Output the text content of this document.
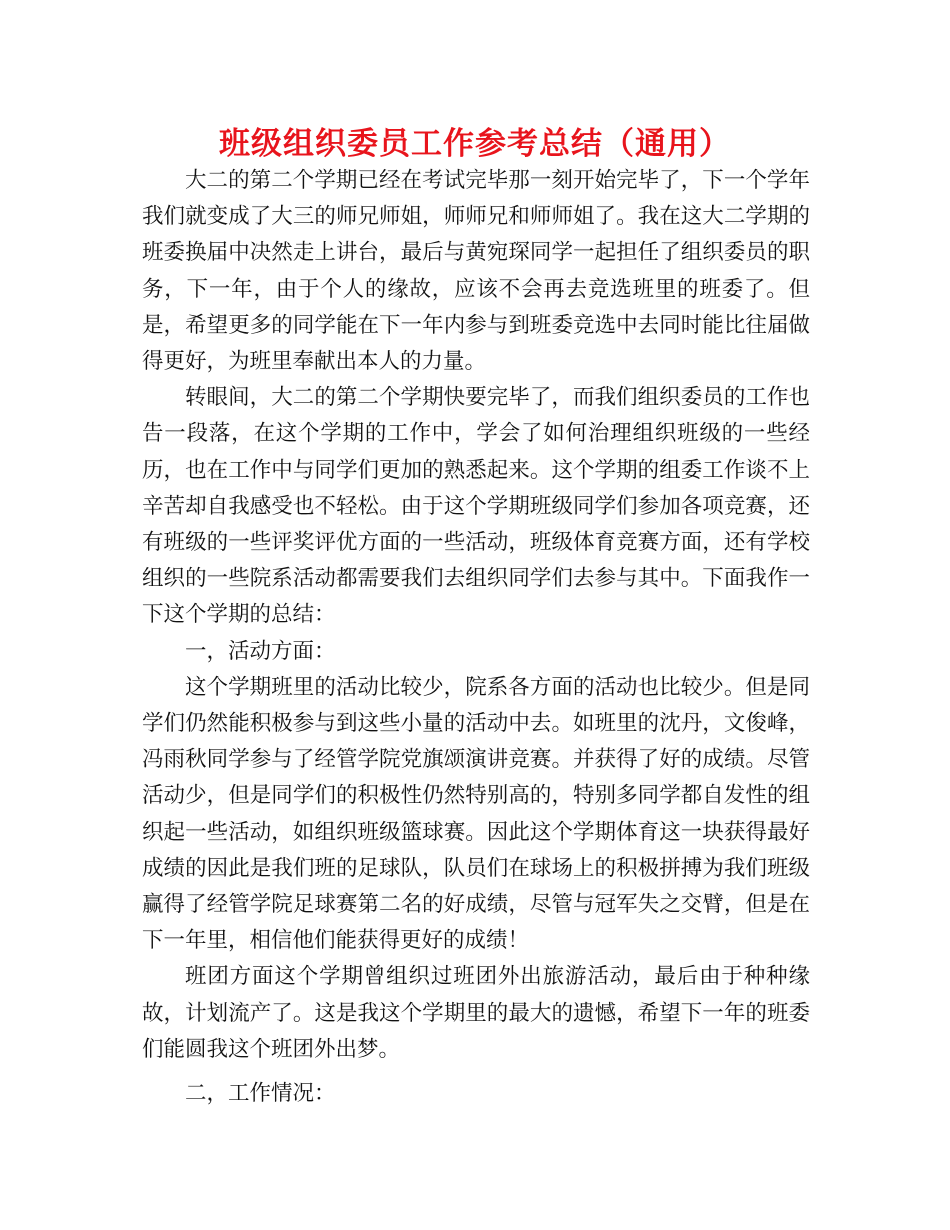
班级组织委员工作参考总结（通用）

大二的第二个学期已经在考试完毕那一刻开始完毕了，下一个学年我们就变成了大三的师兄师姐，师师兄和师师姐了。我在这大二学期的班委换届中决然走上讲台，最后与黄宛琛同学一起担任了组织委员的职务，下一年，由于个人的缘故，应该不会再去竞选班里的班委了。但是，希望更多的同学能在下一年内参与到班委竞选中去同时能比往届做得更好，为班里奉献出本人的力量。

转眼间，大二的第二个学期快要完毕了，而我们组织委员的工作也告一段落，在这个学期的工作中，学会了如何治理组织班级的一些经历，也在工作中与同学们更加的熟悉起来。这个学期的组委工作谈不上辛苦却自我感受也不轻松。由于这个学期班级同学们参加各项竞赛，还有班级的一些评奖评优方面的一些活动，班级体育竞赛方面，还有学校组织的一些院系活动都需要我们去组织同学们去参与其中。下面我作一下这个学期的总结：

一，活动方面：

这个学期班里的活动比较少，院系各方面的活动也比较少。但是同学们仍然能积极参与到这些小量的活动中去。如班里的沈丹，文俊峰，冯雨秋同学参与了经管学院党旗颂演讲竞赛。并获得了好的成绩。尽管活动少，但是同学们的积极性仍然特别高的，特别多同学都自发性的组织起一些活动，如组织班级篮球赛。因此这个学期体育这一块获得最好成绩的因此是我们班的足球队，队员们在球场上的积极拼搏为我们班级赢得了经管学院足球赛第二名的好成绩，尽管与冠军失之交臂，但是在下一年里，相信他们能获得更好的成绩！

班团方面这个学期曾组织过班团外出旅游活动，最后由于种种缘故，计划流产了。这是我这个学期里的最大的遗憾，希望下一年的班委们能圆我这个班团外出梦。

二，工作情况：
